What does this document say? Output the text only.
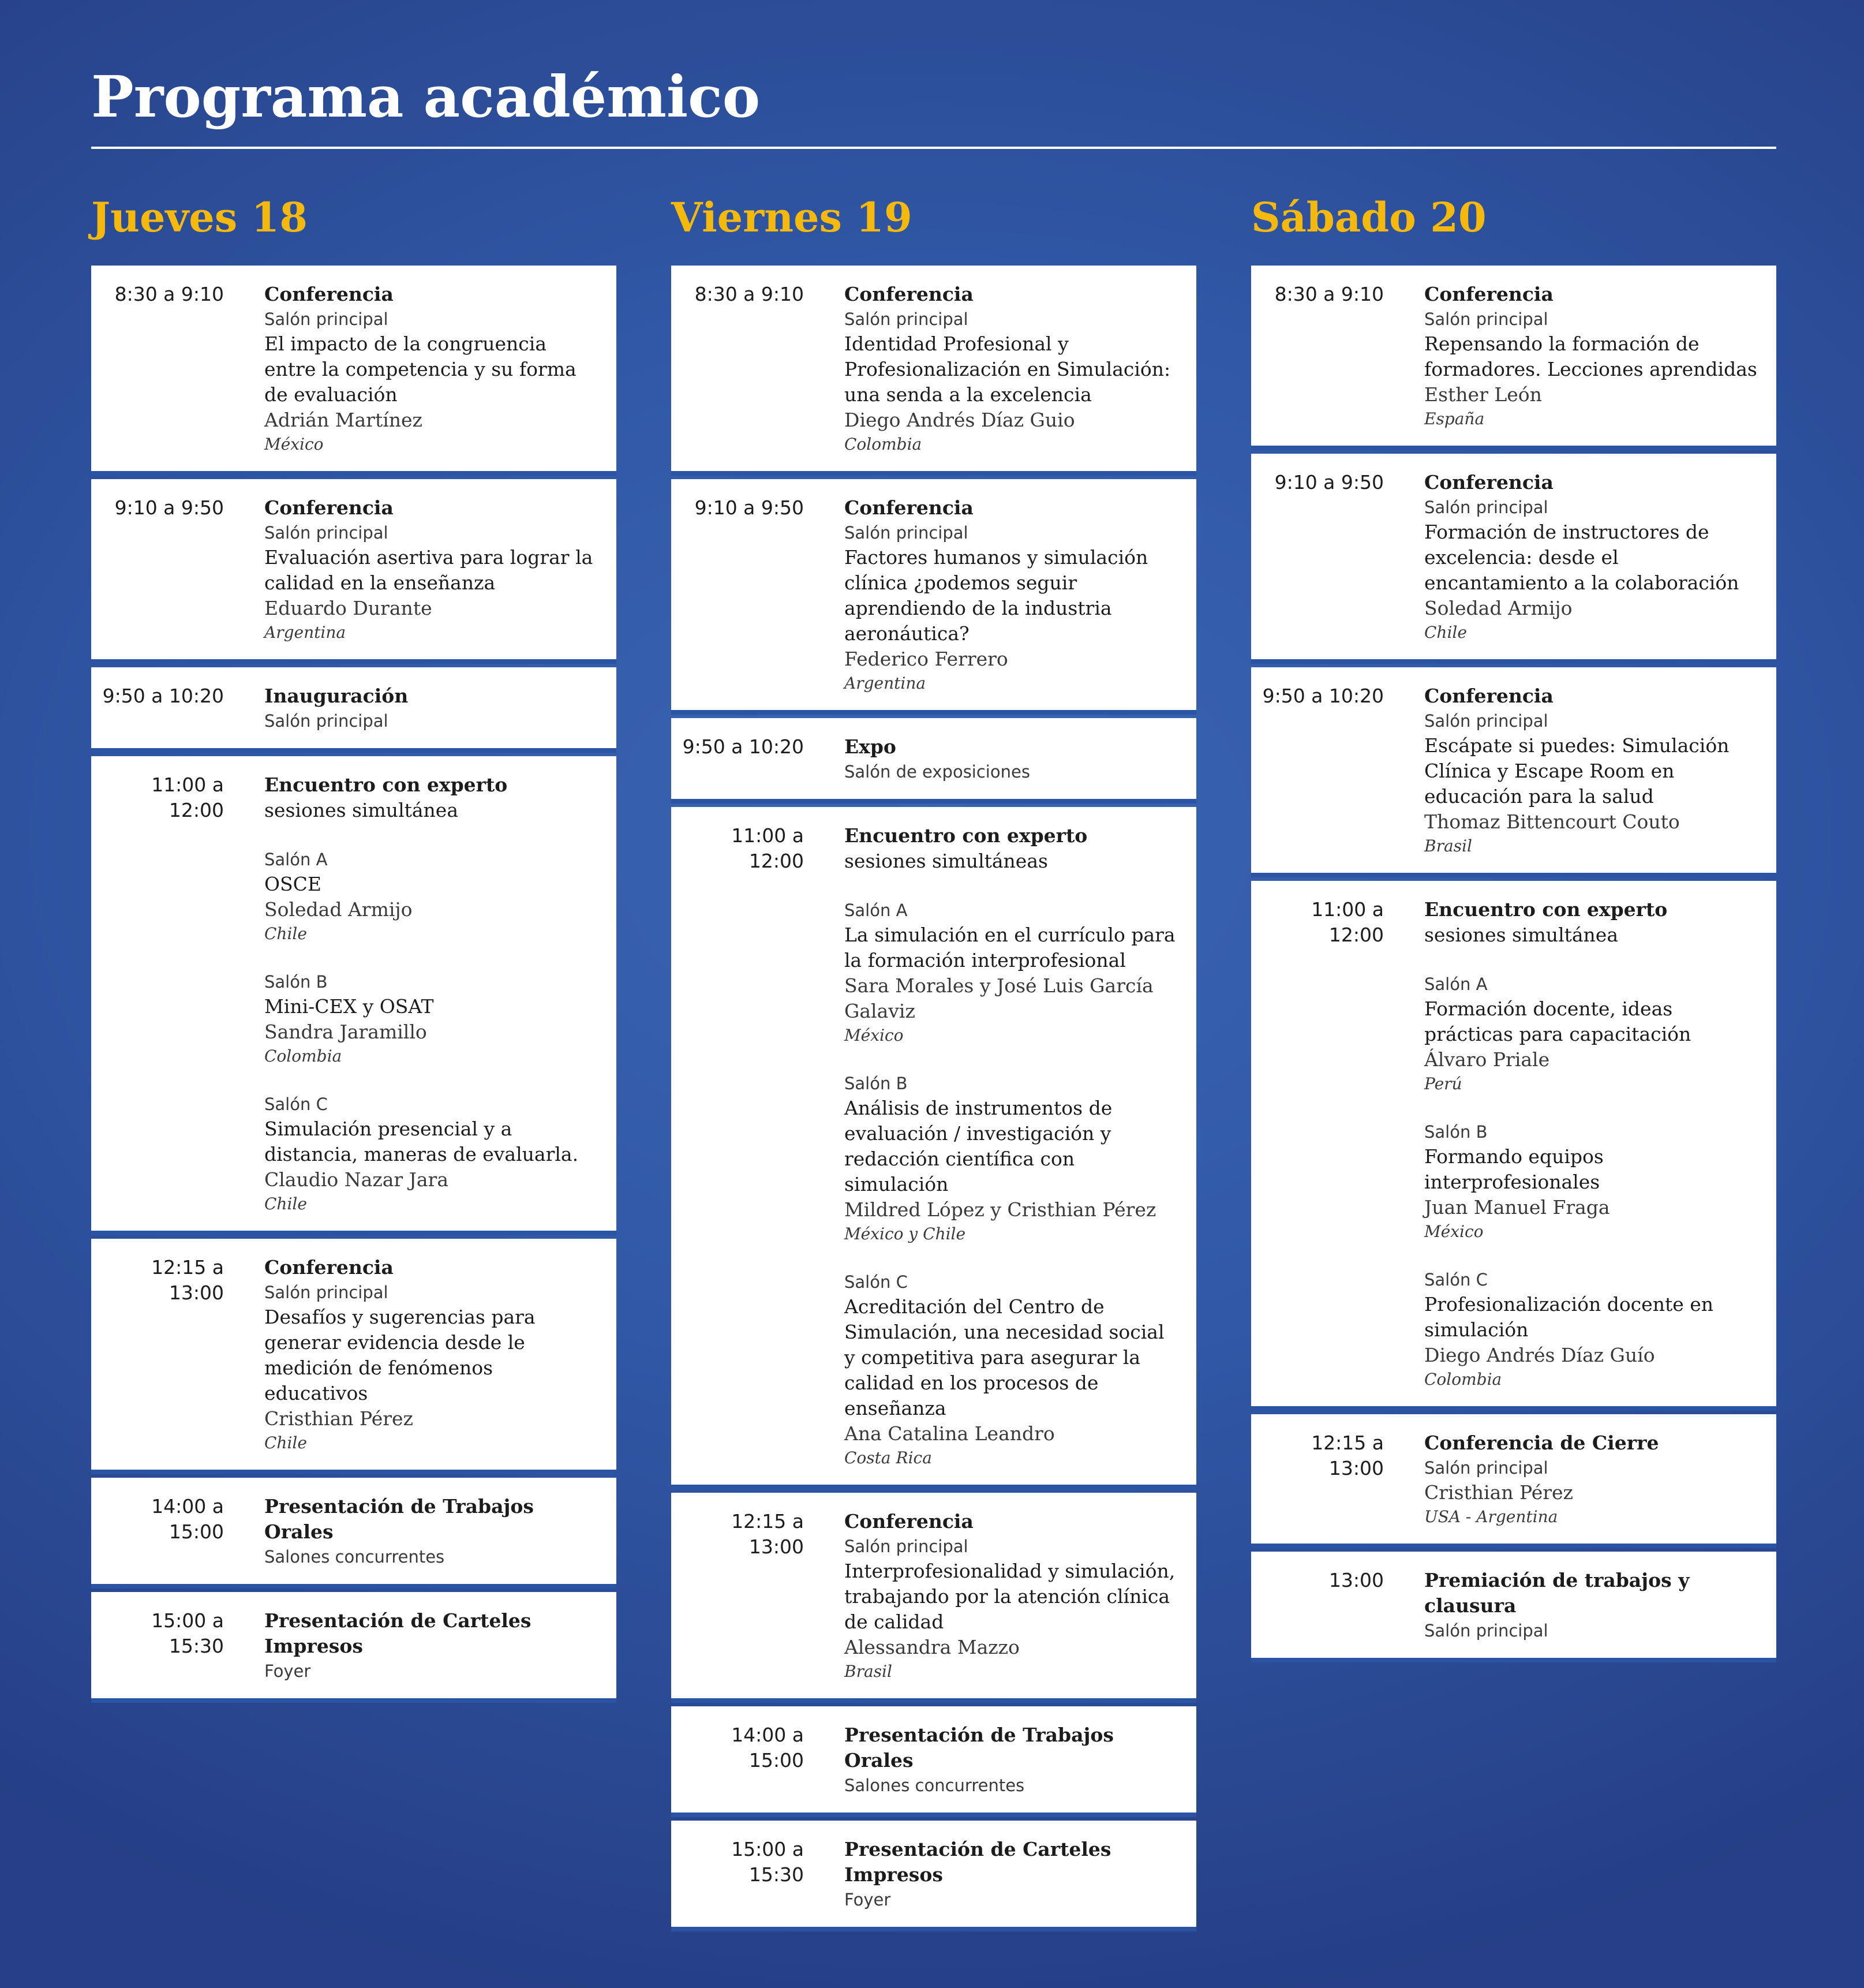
Programa académico
Jueves 18
8:30 a 9:10 Conferencia
Salón principal
El impacto de la congruencia entre la competencia y su forma de evaluación
Adrián Martínez
México
9:10 a 9:50 Conferencia
Salón principal
Evaluación asertiva para lograr la calidad en la enseñanza
Eduardo Durante
Argentina
9:50 a 10:20 Inauguración
Salón principal
11:00 a 12:00
Encuentro con experto
sesiones simultánea
Salón A
OSCE
Soledad Armijo
Chile
Salón B
Mini-CEX y OSAT
Sandra Jaramillo
Colombia
Salón C
Simulación presencial y a distancia, maneras de evaluarla.
Claudio Nazar Jara
Chile
12:15 a 13:00
Conferencia
Salón principal
Desafíos y sugerencias para generar evidencia desde le medición de fenómenos educativos
Cristhian Pérez
Chile
14:00 a 15:00
Presentación de Trabajos Orales
Salones concurrentes
15:00 a 15:30
Presentación de Carteles Impresos
Foyer
Viernes 19
8:30 a 9:10 Conferencia
Salón principal
Identidad Profesional y Profesionalización en Simulación: una senda a la excelencia
Diego Andrés Díaz Guio
Colombia
9:10 a 9:50 Conferencia
Salón principal
Factores humanos y simulación clínica ¿podemos seguir aprendiendo de la industria aeronáutica?
Federico Ferrero
Argentina
9:50 a 10:20 Expo
Salón de exposiciones
11:00 a 12:00
Encuentro con experto
sesiones simultáneas
Salón A
La simulación en el currículo para la formación interprofesional
Sara Morales y José Luis García Galaviz
México
Salón B
Análisis de instrumentos de evaluación / investigación y redacción científica con simulación
Mildred López y Cristhian Pérez
México y Chile
Salón C
Acreditación del Centro de Simulación, una necesidad social y competitiva para asegurar la calidad en los procesos de enseñanza
Ana Catalina Leandro
Costa Rica
12:15 a 13:00
Conferencia
Salón principal
Interprofesionalidad y simulación, trabajando por la atención clínica de calidad
Alessandra Mazzo
Brasil
14:00 a 15:00
Presentación de Trabajos Orales
Salones concurrentes
15:00 a 15:30
Presentación de Carteles Impresos
Foyer
Sábado 20
8:30 a 9:10 Conferencia
Salón principal
Repensando la formación de formadores. Lecciones aprendidas
Esther León
España
9:10 a 9:50 Conferencia
Salón principal
Formación de instructores de excelencia: desde el encantamiento a la colaboración
Soledad Armijo
Chile
9:50 a 10:20 Conferencia
Salón principal
Escápate si puedes: Simulación Clínica y Escape Room en educación para la salud
Thomaz Bittencourt Couto
Brasil
11:00 a 12:00
Encuentro con experto
sesiones simultánea
Salón A
Formación docente, ideas prácticas para capacitación
Álvaro Priale
Perú
Salón B
Formando equipos interprofesionales
Juan Manuel Fraga
México
Salón C
Profesionalización docente en simulación
Diego Andrés Díaz Guío
Colombia
12:15 a 13:00
Conferencia de Cierre
Salón principal
Cristhian Pérez
USA - Argentina
13:00 Premiación de trabajos y clausura
Salón principal
